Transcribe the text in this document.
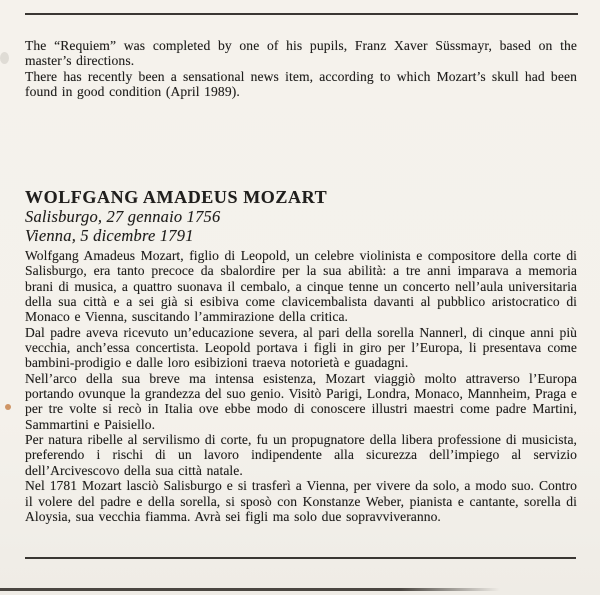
The “Requiem” was completed by one of his pupils, Franz Xaver Süssmayr, based on the master’s directions.

There has recently been a sensational news item, according to which Mozart’s skull had been found in good condition (April 1989).

WOLFGANG AMADEUS MOZART

Salisburgo, 27 gennaio 1756

Vienna, 5 dicembre 1791

Wolfgang Amadeus Mozart, figlio di Leopold, un celebre violinista e compositore della corte di Salisburgo, era tanto precoce da sbalordire per la sua abilità: a tre anni imparava a memoria brani di musica, a quattro suonava il cembalo, a cinque tenne un concerto nell’aula universitaria della sua città e a sei già si esibiva come clavicembalista davanti al pubblico aristocratico di Monaco e Vienna, suscitando l’ammirazione della critica.

Dal padre aveva ricevuto un’educazione severa, al pari della sorella Nannerl, di cinque anni più vecchia, anch’essa concertista. Leopold portava i figli in giro per l’Europa, li presentava come bambini-prodigio e dalle loro esibizioni traeva notorietà e guadagni.

Nell’arco della sua breve ma intensa esistenza, Mozart viaggiò molto attraverso l’Europa portando ovunque la grandezza del suo genio. Visitò Parigi, Londra, Monaco, Mannheim, Praga e per tre volte si recò in Italia ove ebbe modo di conoscere illustri maestri come padre Martini, Sammartini e Paisiello.

Per natura ribelle al servilismo di corte, fu un propugnatore della libera professione di musicista, preferendo i rischi di un lavoro indipendente alla sicurezza dell’impiego al servizio dell’Arcivescovo della sua città natale.

Nel 1781 Mozart lasciò Salisburgo e si trasferì a Vienna, per vivere da solo, a modo suo. Contro il volere del padre e della sorella, si sposò con Konstanze Weber, pianista e cantante, sorella di Aloysia, sua vecchia fiamma. Avrà sei figli ma solo due sopravviveranno.
